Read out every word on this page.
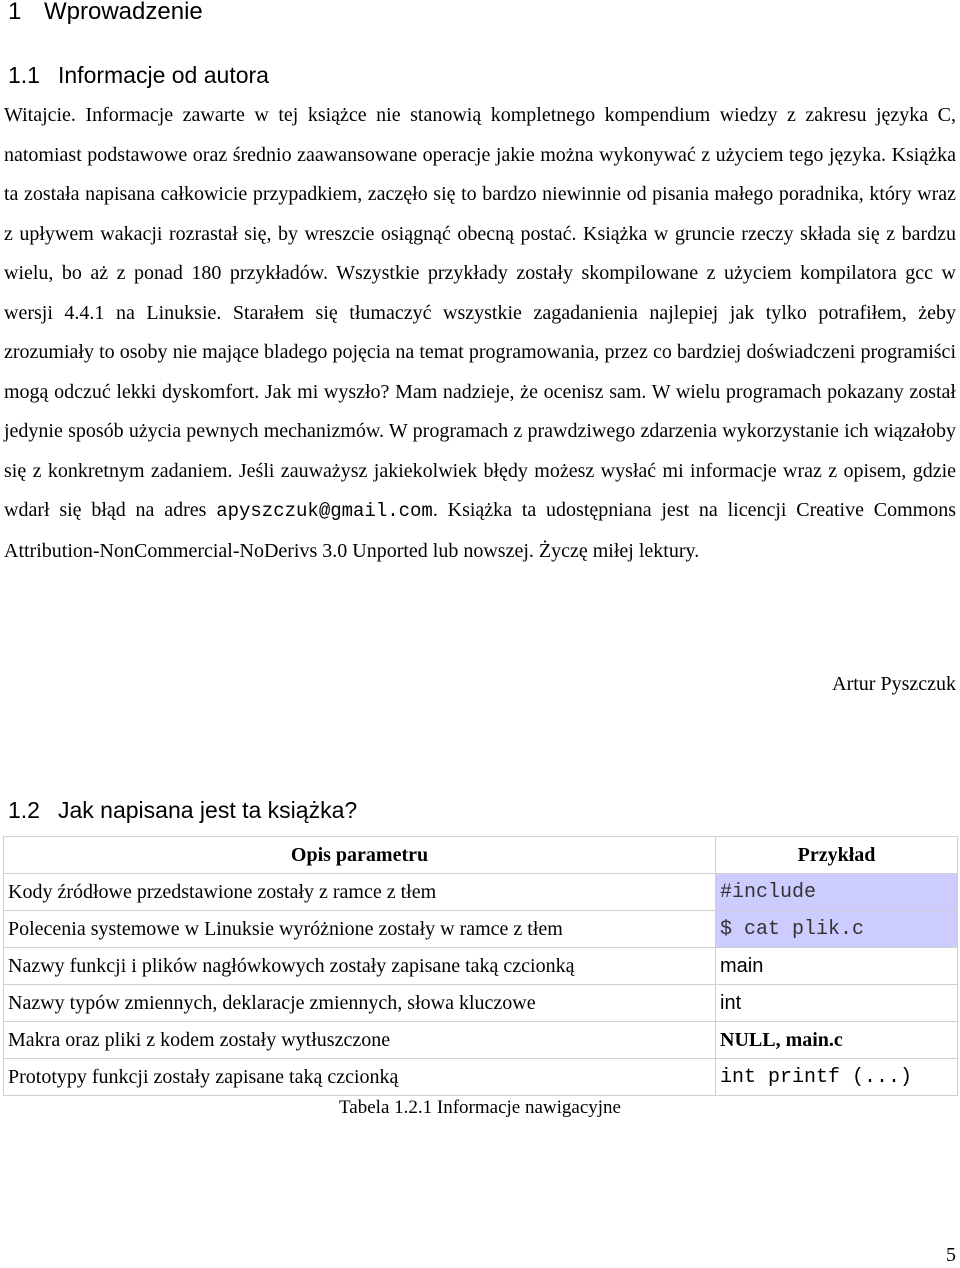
1 Wprowadzenie
1.1 Informacje od autora
Witajcie. Informacje zawarte w tej książce nie stanowią kompletnego kompendium wiedzy z zakresu języka C, natomiast podstawowe oraz średnio zaawansowane operacje jakie można wykonywać z użyciem tego języka. Książka ta została napisana całkowicie przypadkiem, zaczęło się to bardzo niewinnie od pisania małego poradnika, który wraz z upływem wakacji rozrastał się, by wreszcie osiągnąć obecną postać. Książka w gruncie rzeczy składa się z bardzu wielu, bo aż z ponad 180 przykładów. Wszystkie przykłady zostały skompilowane z użyciem kompilatora gcc w wersji 4.4.1 na Linuksie. Starałem się tłumaczyć wszystkie zagadanienia najlepiej jak tylko potrafiłem, żeby zrozumiały to osoby nie mające bladego pojęcia na temat programowania, przez co bardziej doświadczeni programiści mogą odczuć lekki dyskomfort. Jak mi wyszło? Mam nadzieje, że ocenisz sam. W wielu programach pokazany został jedynie sposób użycia pewnych mechanizmów. W programach z prawdziwego zdarzenia wykorzystanie ich wiązałoby się z konkretnym zadaniem. Jeśli zauważysz jakiekolwiek błędy możesz wysłać mi informacje wraz z opisem, gdzie wdarł się błąd na adres apyszczuk@gmail.com. Książka ta udostępniana jest na licencji Creative Commons Attribution-NonCommercial-NoDerivs 3.0 Unported lub nowszej. Życzę miłej lektury.
Artur Pyszczuk
1.2 Jak napisana jest ta książka?
Opis parametru	Przykład
Kody źródłowe przedstawione zostały z ramce z tłem	#include
Polecenia systemowe w Linuksie wyróżnione zostały w ramce z tłem	$ cat plik.c
Nazwy funkcji i plików nagłówkowych zostały zapisane taką czcionką	main
Nazwy typów zmiennych, deklaracje zmiennych, słowa kluczowe	int
Makra oraz pliki z kodem zostały wytłuszczone	NULL, main.c
Prototypy funkcji zostały zapisane taką czcionką	int printf (...)
Tabela 1.2.1 Informacje nawigacyjne
5
